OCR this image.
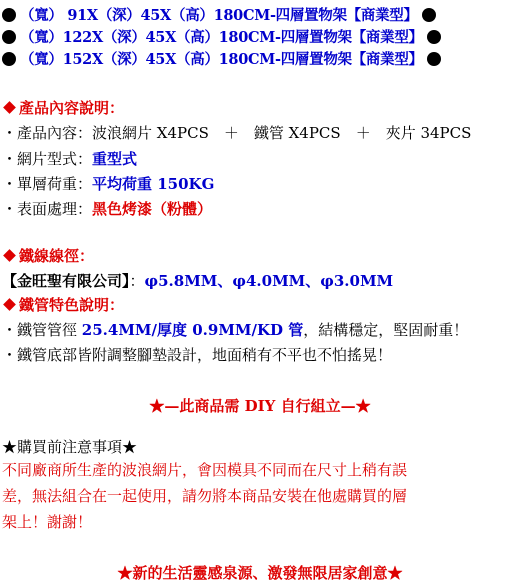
（寬） 91X（深）45X（高）180CM-四層置物架【商業型】
（寬）122X（深）45X（高）180CM-四層置物架【商業型】
（寬）152X（深）45X（高）180CM-四層置物架【商業型】
產品內容說明：
・產品內容：波浪網片 X4PCS　＋　鐵管 X4PCS　＋　夾片 34PCS
・網片型式：重型式
・單層荷重：平均荷重 150KG
・表面處理：黑色烤漆（粉體）
鐵線線徑：
【金旺聖有限公司】：φ5.8MM、φ4.0MM、φ3.0MM
鐵管特色說明：
・鐵管管徑 25.4MM/厚度 0.9MM/KD 管，結構穩定，堅固耐重！
・鐵管底部皆附調整腳墊設計，地面稍有不平也不怕搖晃！
★—此商品需 DIY 自行組立—★
★購買前注意事項★
不同廠商所生產的波浪網片，會因模具不同而在尺寸上稍有誤
差，無法組合在一起使用，請勿將本商品安裝在他處購買的層
架上！謝謝！
★新的生活靈感泉源、激發無限居家創意★
